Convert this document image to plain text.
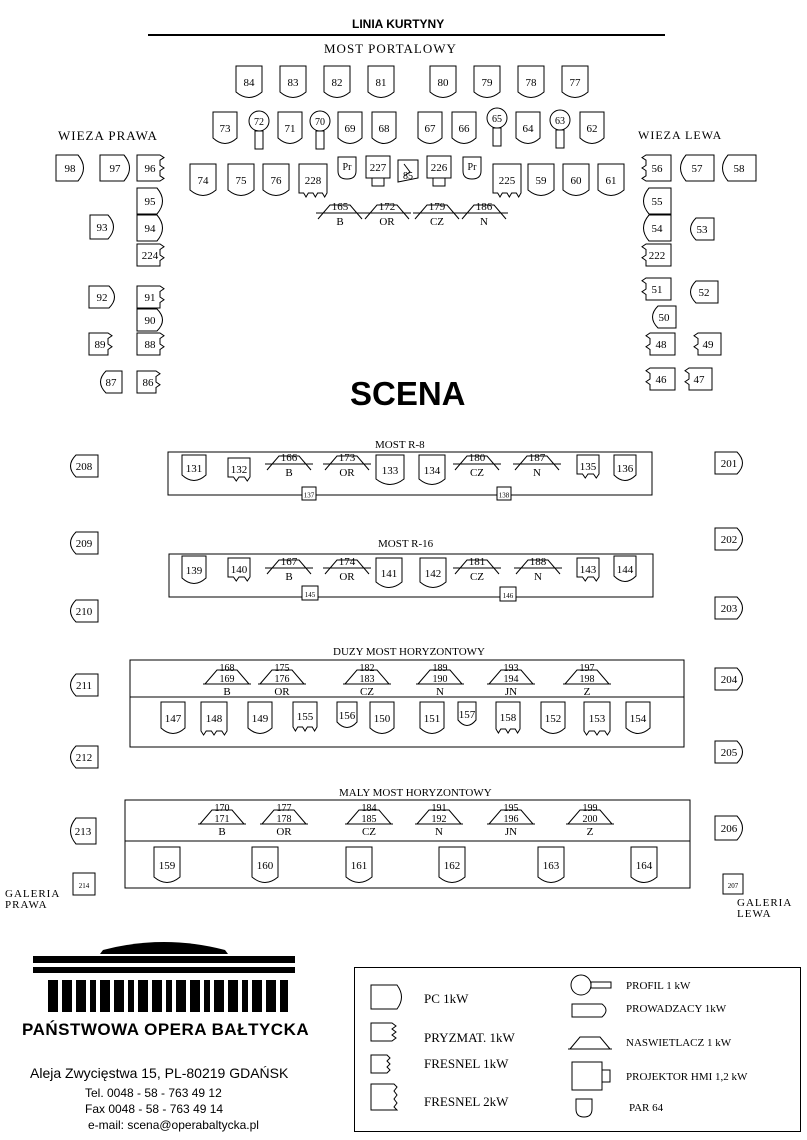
LINIA KURTYNY
MOST PORTALOWY
WIEZA PRAWA	WIEZA LEWA
SCENA
MOST R-8
MOST R-16
DUZY MOST HORYZONTOWY
MALY MOST HORYZONTOWY
GALERIA
PRAWA	GALERIA
LEWA
84	83	82	81	80	79	78	77
73
72
71
70
69 68	67 66
65
64
63
62
74 75 76 228
Pr 227
85
226 Pr
225 59 60 61
165
B
172
OR
179
CZ
186
N
98	97 96
95
93	94
224
92	91
90
89	88
87 86
56	57	58
55
54	53
222
51	52
50
48	49
46 47
208
209
210
211
212
213
214
201
202
203
204
205
206
207
131	132	133 134	135 136
137	138
166
B
173
OR
180
CZ
187
N
139	140	141	142	143 144
145	146
167
B
174
OR
181
CZ
188
N
168
169
B
175
176
OR
182
183
CZ
189
190
N
193
194
JN
197
198
Z
147 148	149	155 156 150	151 157 158	152	153 154
170
171
B
177
178
OR
184
185
CZ
191
192
N
195
196
JN
199
200
Z
159	160	161	162	163	164
PAŃSTWOWA OPERA BAŁTYCKA
Aleja Zwycięstwa 15, PL-80219 GDAŃSK
Tel. 0048 - 58 - 763 49 12
Fax 0048 - 58 - 763 49 14
e-mail: scena@operabaltycka.pl
PC 1kW
PRYZMAT. 1kW
FRESNEL 1kW
FRESNEL 2kW
PROFIL 1 kW
PROWADZACY 1kW
NASWIETLACZ 1 kW
PROJEKTOR HMI 1,2 kW
PAR 64
